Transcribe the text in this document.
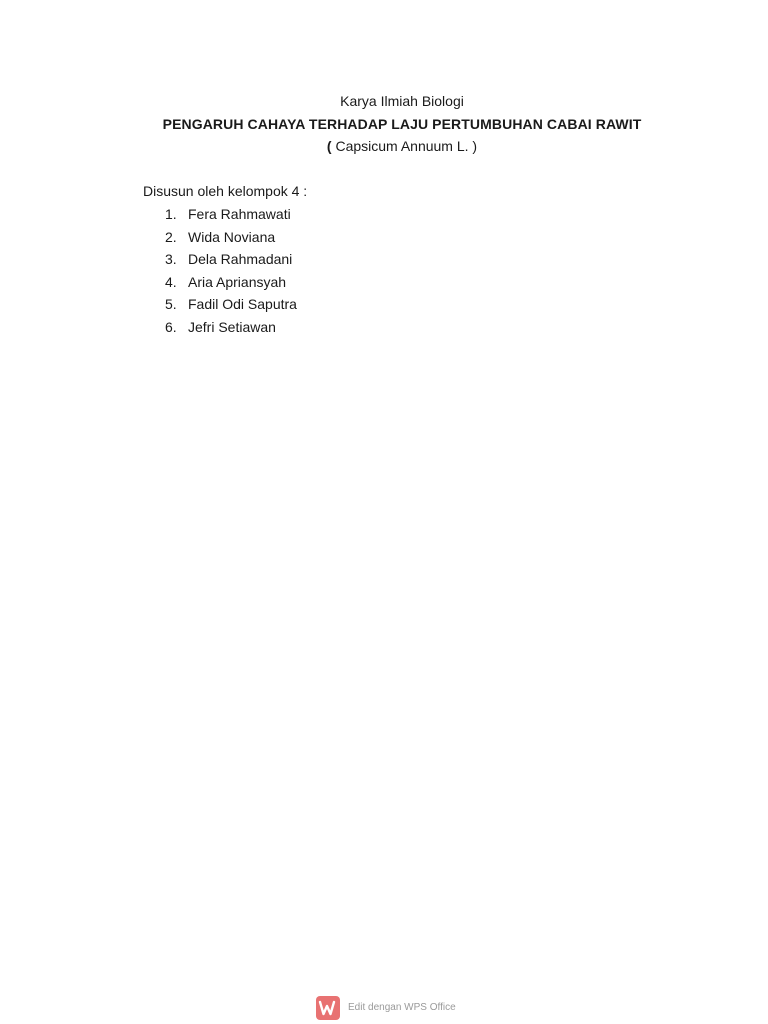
Karya Ilmiah Biologi
PENGARUH CAHAYA TERHADAP LAJU PERTUMBUHAN CABAI RAWIT
( Capsicum Annuum L. )
Disusun oleh kelompok 4 :
1. Fera Rahmawati
2. Wida Noviana
3. Dela Rahmadani
4. Aria Apriansyah
5. Fadil Odi Saputra
6. Jefri Setiawan
Edit dengan WPS Office
